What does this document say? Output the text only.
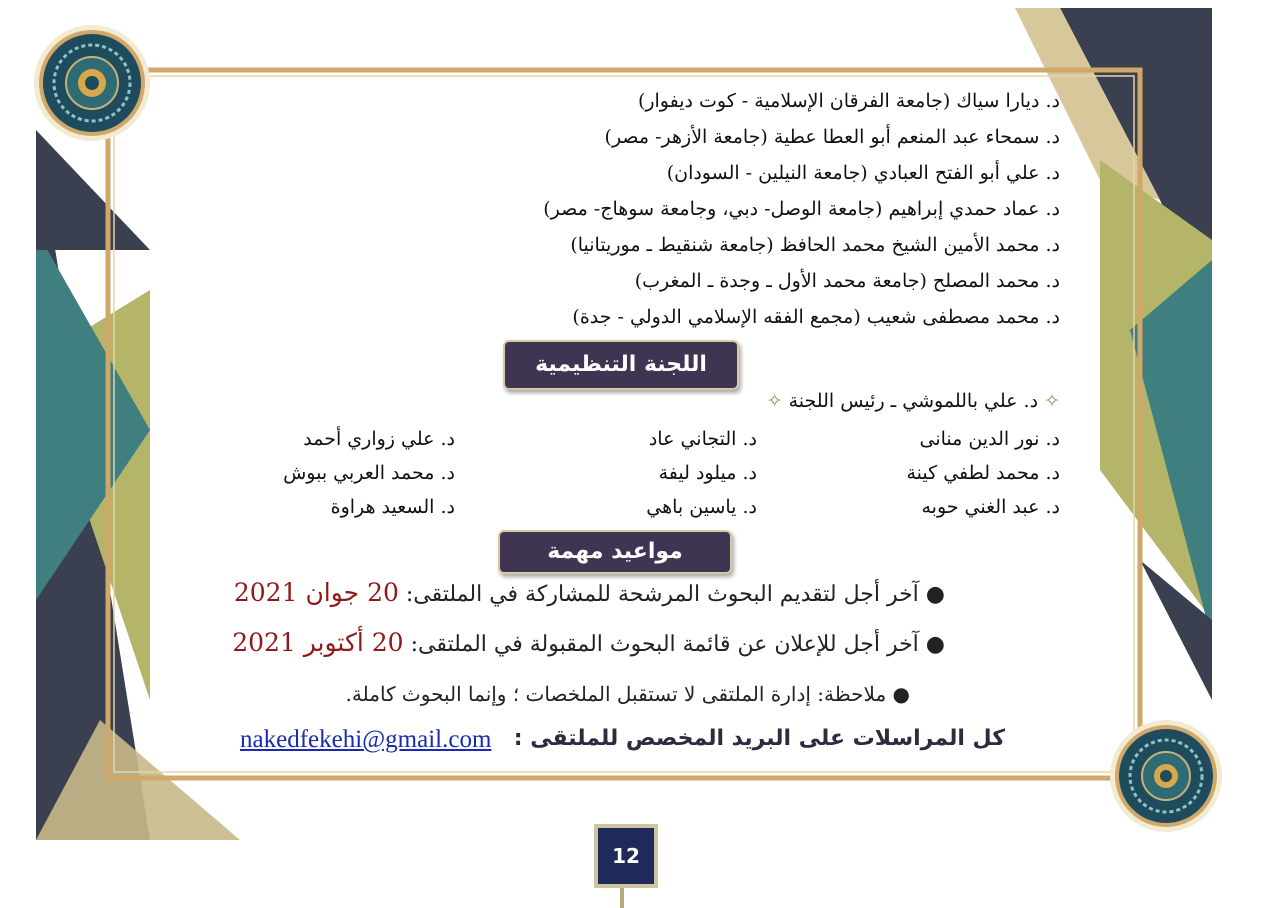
د. ديارا سياك (جامعة الفرقان الإسلامية - كوت ديفوار)
د. سمحاء عبد المنعم أبو العطا عطية (جامعة الأزهر- مصر)
د. علي أبو الفتح العبادي (جامعة النيلين - السودان)
د. عماد حمدي إبراهيم (جامعة الوصل- دبي، وجامعة سوهاج- مصر)
د. محمد الأمين الشيخ محمد الحافظ (جامعة شنقيط ـ موريتانيا)
د. محمد المصلح (جامعة محمد الأول ـ وجدة ـ المغرب)
د. محمد مصطفى شعيب (مجمع الفقه الإسلامي الدولي - جدة)
اللجنة التنظيمية
✧ د. علي باللموشي ـ رئيس اللجنة ✧
د. نور الدين منانى
د. محمد لطفي كينة
د. عبد الغني حوبه
د. التجاني عاد
د. ميلود ليفة
د. ياسين باهي
د. علي زواري أحمد
د. محمد العربي ببوش
د. السعيد هراوة
مواعيد مهمة
● آخر أجل لتقديم البحوث المرشحة للمشاركة في الملتقى: 20 جوان 2021
● آخر أجل للإعلان عن قائمة البحوث المقبولة في الملتقى: 20 أكتوبر 2021
● ملاحظة: إدارة الملتقى لا تستقبل الملخصات ؛ وإنما البحوث كاملة.
كل المراسلات على البريد المخصص للملتقى :
nakedfekehi@gmail.com
12
